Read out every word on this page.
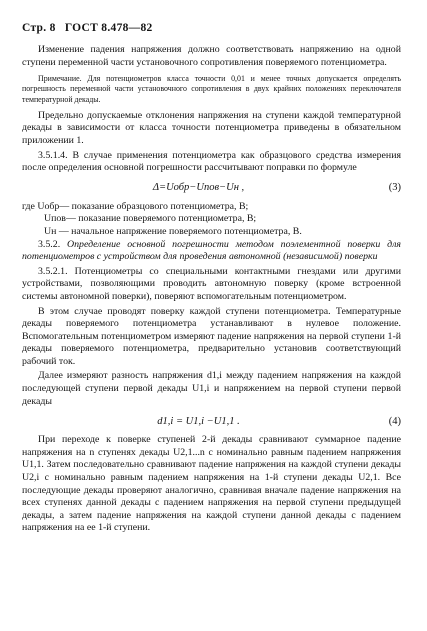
Стр. 8 ГОСТ 8.478—82

Изменение падения напряжения должно соответствовать напряжению на одной ступени переменной части установочного сопротивления поверяемого потенциометра.

Примечание. Для потенциометров класса точности 0,01 и менее точных допускается определять погрешность переменной части установочного сопротивления в двух крайних положениях переключателя температурной декады.

Предельно допускаемые отклонения напряжения на ступени каждой температурной декады в зависимости от класса точности потенциометра приведены в обязательном приложении 1.

3.5.1.4. В случае применения потенциометра как образцового средства измерения после определения основной погрешности рассчитывают поправки по формуле

Δ=Uобр−Uпов−Uн ,	(3)
где Uобр— показание образцового потенциометра, В;
Uпов— показание поверяемого потенциометра, В;
Uн — начальное напряжение поверяемого потенциометра, В.

3.5.2. Определение основной погрешности методом поэлементной поверки для потенциометров с устройством для проведения автономной (независимой) поверки

3.5.2.1. Потенциометры со специальными контактными гнездами или другими устройствами, позволяющими проводить автономную поверку (кроме встроенной системы автономной поверки), поверяют вспомогательным потенциометром.

В этом случае проводят поверку каждой ступени потенциометра. Температурные декады поверяемого потенциометра устанавливают в нулевое положение. Вспомогательным потенциометром измеряют падение напряжения на первой ступени 1-й декады поверяемого потенциометра, предварительно установив соответствующий рабочий ток.

Далее измеряют разность напряжения d1,i между падением напряжения на каждой последующей ступени первой декады U1,i и напряжением на первой ступени первой декады

d1,i = U1,i −U1,1 .	(4)

При переходе к поверке ступеней 2-й декады сравнивают суммарное падение напряжения на n ступенях декады U2,1...n с номинально равным падением напряжения U1,1. Затем последовательно сравнивают падение напряжения на каждой ступени декады U2,i с номинально равным падением напряжения на 1-й ступени декады U2,1. Все последующие декады проверяют аналогично, сравнивая вначале падение напряжения на всех ступенях данной декады с падением напряжения на первой ступени предыдущей декады, а затем падение напряжения на каждой ступени данной декады с падением напряжения на ее 1-й ступени.
